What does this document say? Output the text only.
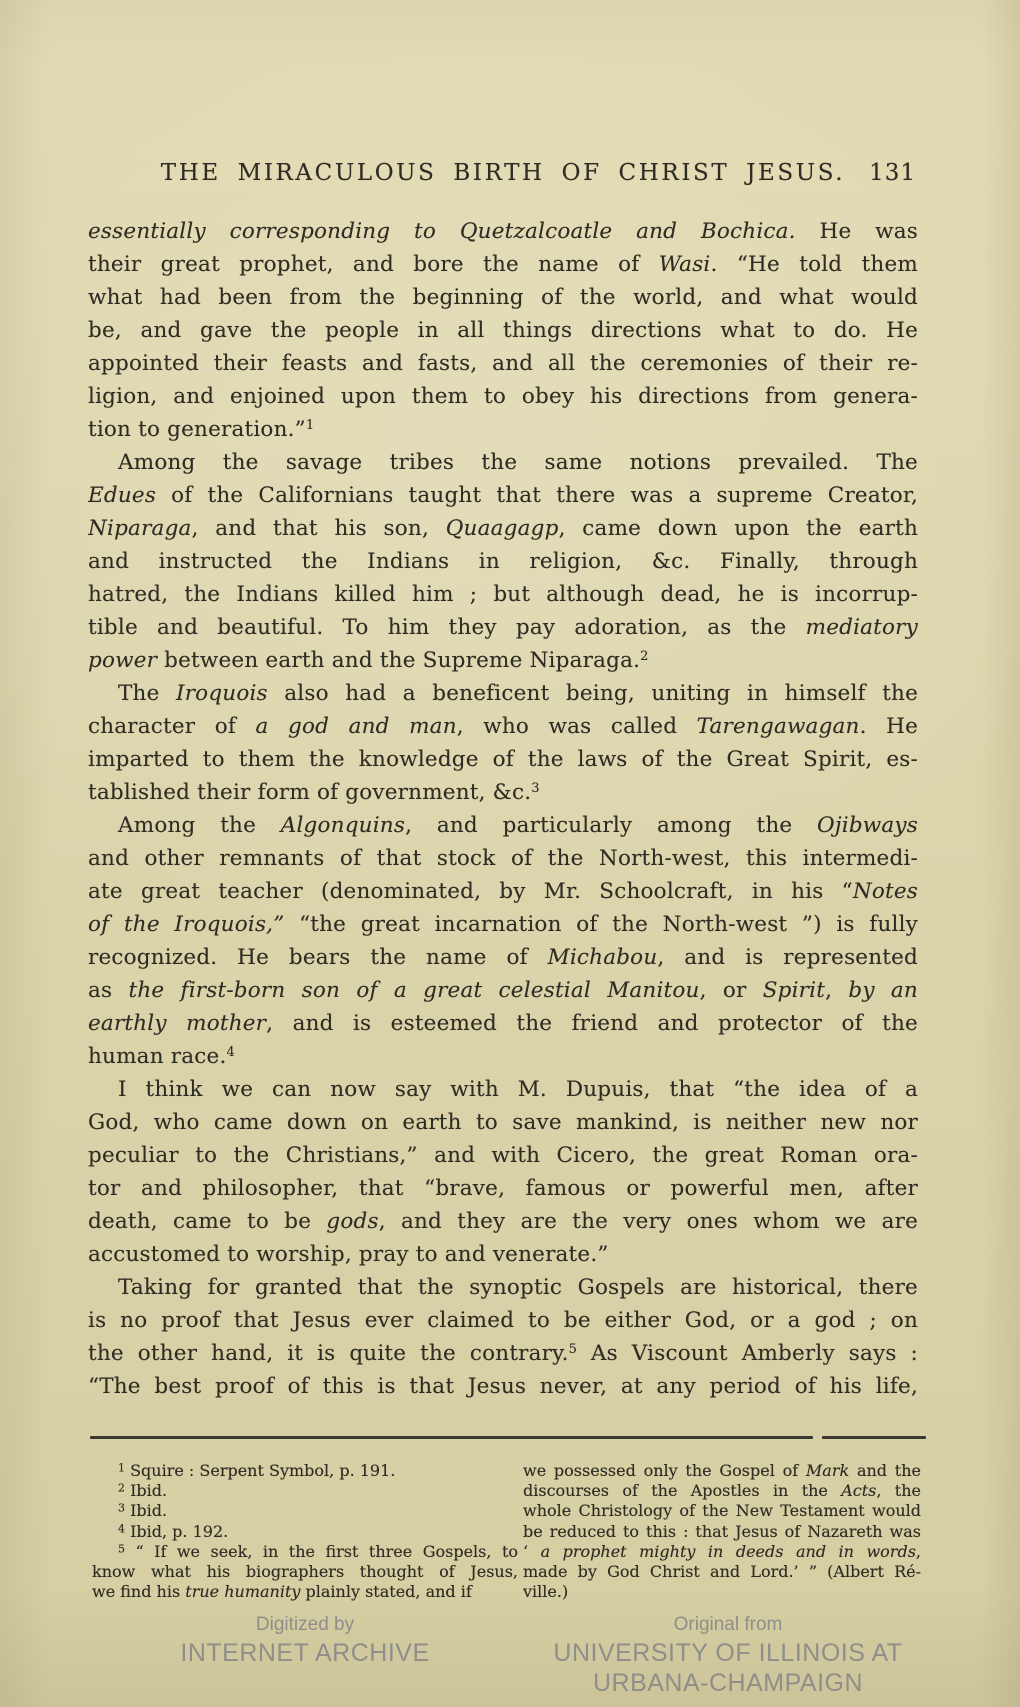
THE MIRACULOUS BIRTH OF CHRIST JESUS.	131
essentially corresponding to Quetzalcoatle and Bochica. He was
their great prophet, and bore the name of Wasi. “He told them
what had been from the beginning of the world, and what would
be, and gave the people in all things directions what to do. He
appointed their feasts and fasts, and all the ceremonies of their re-
ligion, and enjoined upon them to obey his directions from genera-
tion to generation.”$^1$
Among the savage tribes the same notions prevailed. The
Edues of the Californians taught that there was a supreme Creator,
Niparaga, and that his son, Quaagagp, came down upon the earth
and instructed the Indians in religion, &c. Finally, through
hatred, the Indians killed him ; but although dead, he is incorrup-
tible and beautiful. To him they pay adoration, as the mediatory
power between earth and the Supreme Niparaga.$^2$
The Iroquois also had a beneficent being, uniting in himself the
character of a god and man, who was called Tarengawagan. He
imparted to them the knowledge of the laws of the Great Spirit, es-
tablished their form of government, &c.$^3$
Among the Algonquins, and particularly among the Ojibways
and other remnants of that stock of the North-west, this intermedi-
ate great teacher (denominated, by Mr. Schoolcraft, in his “Notes
of the Iroquois,” “the great incarnation of the North-west ”) is fully
recognized. He bears the name of Michabou, and is represented
as the first-born son of a great celestial Manitou, or Spirit, by an
earthly mother, and is esteemed the friend and protector of the
human race.$^4$
I think we can now say with M. Dupuis, that “the idea of a
God, who came down on earth to save mankind, is neither new nor
peculiar to the Christians,” and with Cicero, the great Roman ora-
tor and philosopher, that “brave, famous or powerful men, after
death, came to be gods, and they are the very ones whom we are
accustomed to worship, pray to and venerate.”
Taking for granted that the synoptic Gospels are historical, there
is no proof that Jesus ever claimed to be either God, or a god ; on
the other hand, it is quite the contrary.$^5$ As Viscount Amberly says :
“The best proof of this is that Jesus never, at any period of his life,
$^1$ Squire : Serpent Symbol, p. 191.
$^2$ Ibid.
$^3$ Ibid.
$^4$ Ibid, p. 192.
$^5$ “ If we seek, in the first three Gospels, to
know what his biographers thought of Jesus,
we find his true humanity plainly stated, and if
we possessed only the Gospel of Mark and the
discourses of the Apostles in the Acts, the
whole Christology of the New Testament would
be reduced to this : that Jesus of Nazareth was
‘ a prophet mighty in deeds and in words,
made by God Christ and Lord.’ ” (Albert Ré-
ville.)
Digitized by
INTERNET ARCHIVE
Original from
UNIVERSITY OF ILLINOIS AT
URBANA-CHAMPAIGN
